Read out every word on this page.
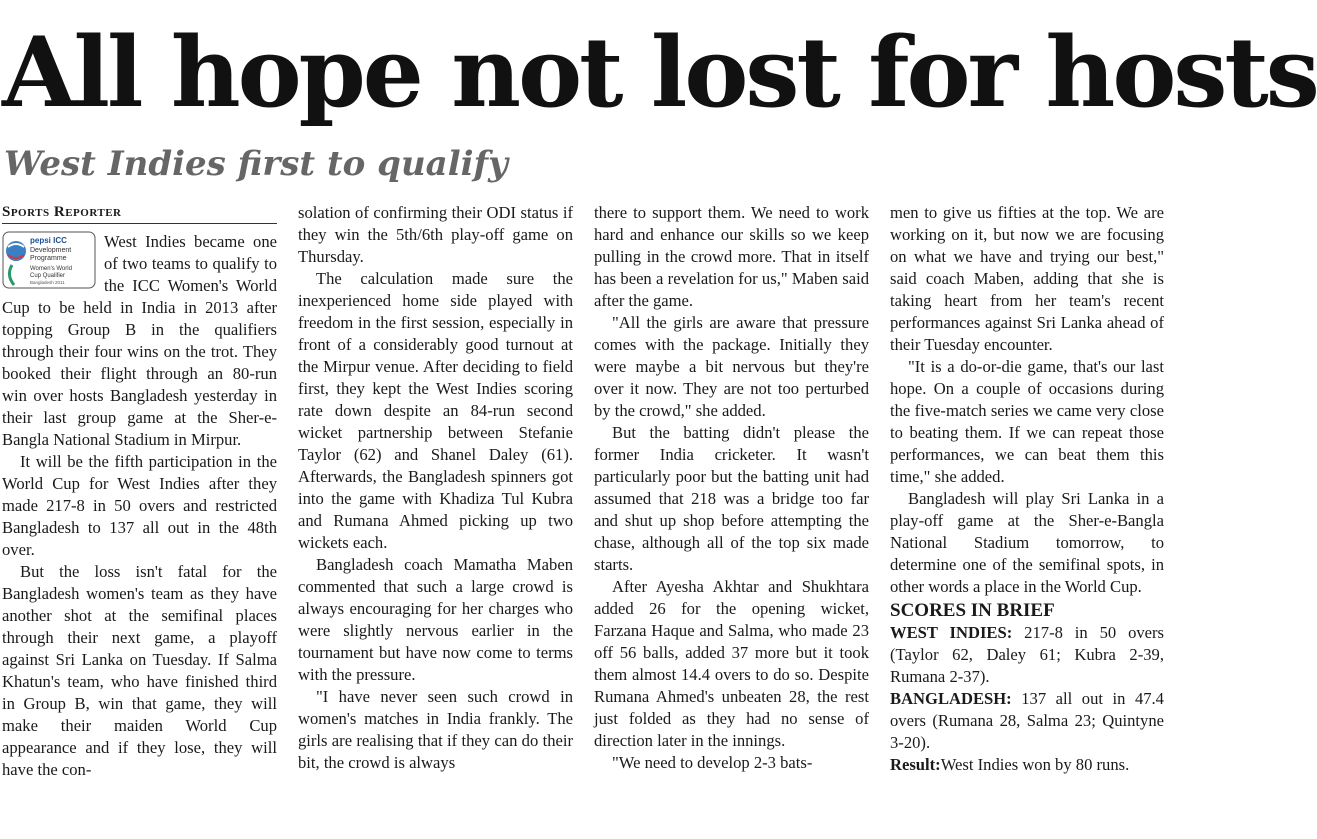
All hope not lost for hosts
West Indies first to qualify
Sports Reporter
pepsi ICC
Development
Programme
Women's World
Cup Qualifier
Bangladesh 2011

West Indies became one of two teams to qualify to the ICC Women's World Cup to be held in India in 2013 after topping Group B in the qualifiers through their four wins on the trot. They booked their flight through an 80-run win over hosts Bangladesh yesterday in their last group game at the Sher-e-Bangla National Stadium in Mirpur.

It will be the fifth participation in the World Cup for West Indies after they made 217-8 in 50 overs and restricted Bangladesh to 137 all out in the 48th over.

But the loss isn't fatal for the Bangladesh women's team as they have another shot at the semifinal places through their next game, a playoff against Sri Lanka on Tuesday. If Salma Khatun's team, who have finished third in Group B, win that game, they will make their maiden World Cup appearance and if they lose, they will have the con-

solation of confirming their ODI status if they win the 5th/6th play-off game on Thursday.

The calculation made sure the inexperienced home side played with freedom in the first session, especially in front of a considerably good turnout at the Mirpur venue. After deciding to field first, they kept the West Indies scoring rate down despite an 84-run second wicket partnership between Stefanie Taylor (62) and Shanel Daley (61). Afterwards, the Bangladesh spinners got into the game with Khadiza Tul Kubra and Rumana Ahmed picking up two wickets each.

Bangladesh coach Mamatha Maben commented that such a large crowd is always encouraging for her charges who were slightly nervous earlier in the tournament but have now come to terms with the pressure.

"I have never seen such crowd in women's matches in India frankly. The girls are realising that if they can do their bit, the crowd is always

there to support them. We need to work hard and enhance our skills so we keep pulling in the crowd more. That in itself has been a revelation for us," Maben said after the game.

"All the girls are aware that pressure comes with the package. Initially they were maybe a bit nervous but they're over it now. They are not too perturbed by the crowd," she added.

But the batting didn't please the former India cricketer. It wasn't particularly poor but the batting unit had assumed that 218 was a bridge too far and shut up shop before attempting the chase, although all of the top six made starts.

After Ayesha Akhtar and Shukhtara added 26 for the opening wicket, Farzana Haque and Salma, who made 23 off 56 balls, added 37 more but it took them almost 14.4 overs to do so. Despite Rumana Ahmed's unbeaten 28, the rest just folded as they had no sense of direction later in the innings.

"We need to develop 2-3 bats-

men to give us fifties at the top. We are working on it, but now we are focusing on what we have and trying our best," said coach Maben, adding that she is taking heart from her team's recent performances against Sri Lanka ahead of their Tuesday encounter.

"It is a do-or-die game, that's our last hope. On a couple of occasions during the five-match series we came very close to beating them. If we can repeat those performances, we can beat them this time," she added.

Bangladesh will play Sri Lanka in a play-off game at the Sher-e-Bangla National Stadium tomorrow, to determine one of the semifinal spots, in other words a place in the World Cup.

SCORES IN BRIEF

WEST INDIES: 217-8 in 50 overs (Taylor 62, Daley 61; Kubra 2-39, Rumana 2-37).

BANGLADESH: 137 all out in 47.4 overs (Rumana 28, Salma 23; Quintyne 3-20).

Result:West Indies won by 80 runs.
